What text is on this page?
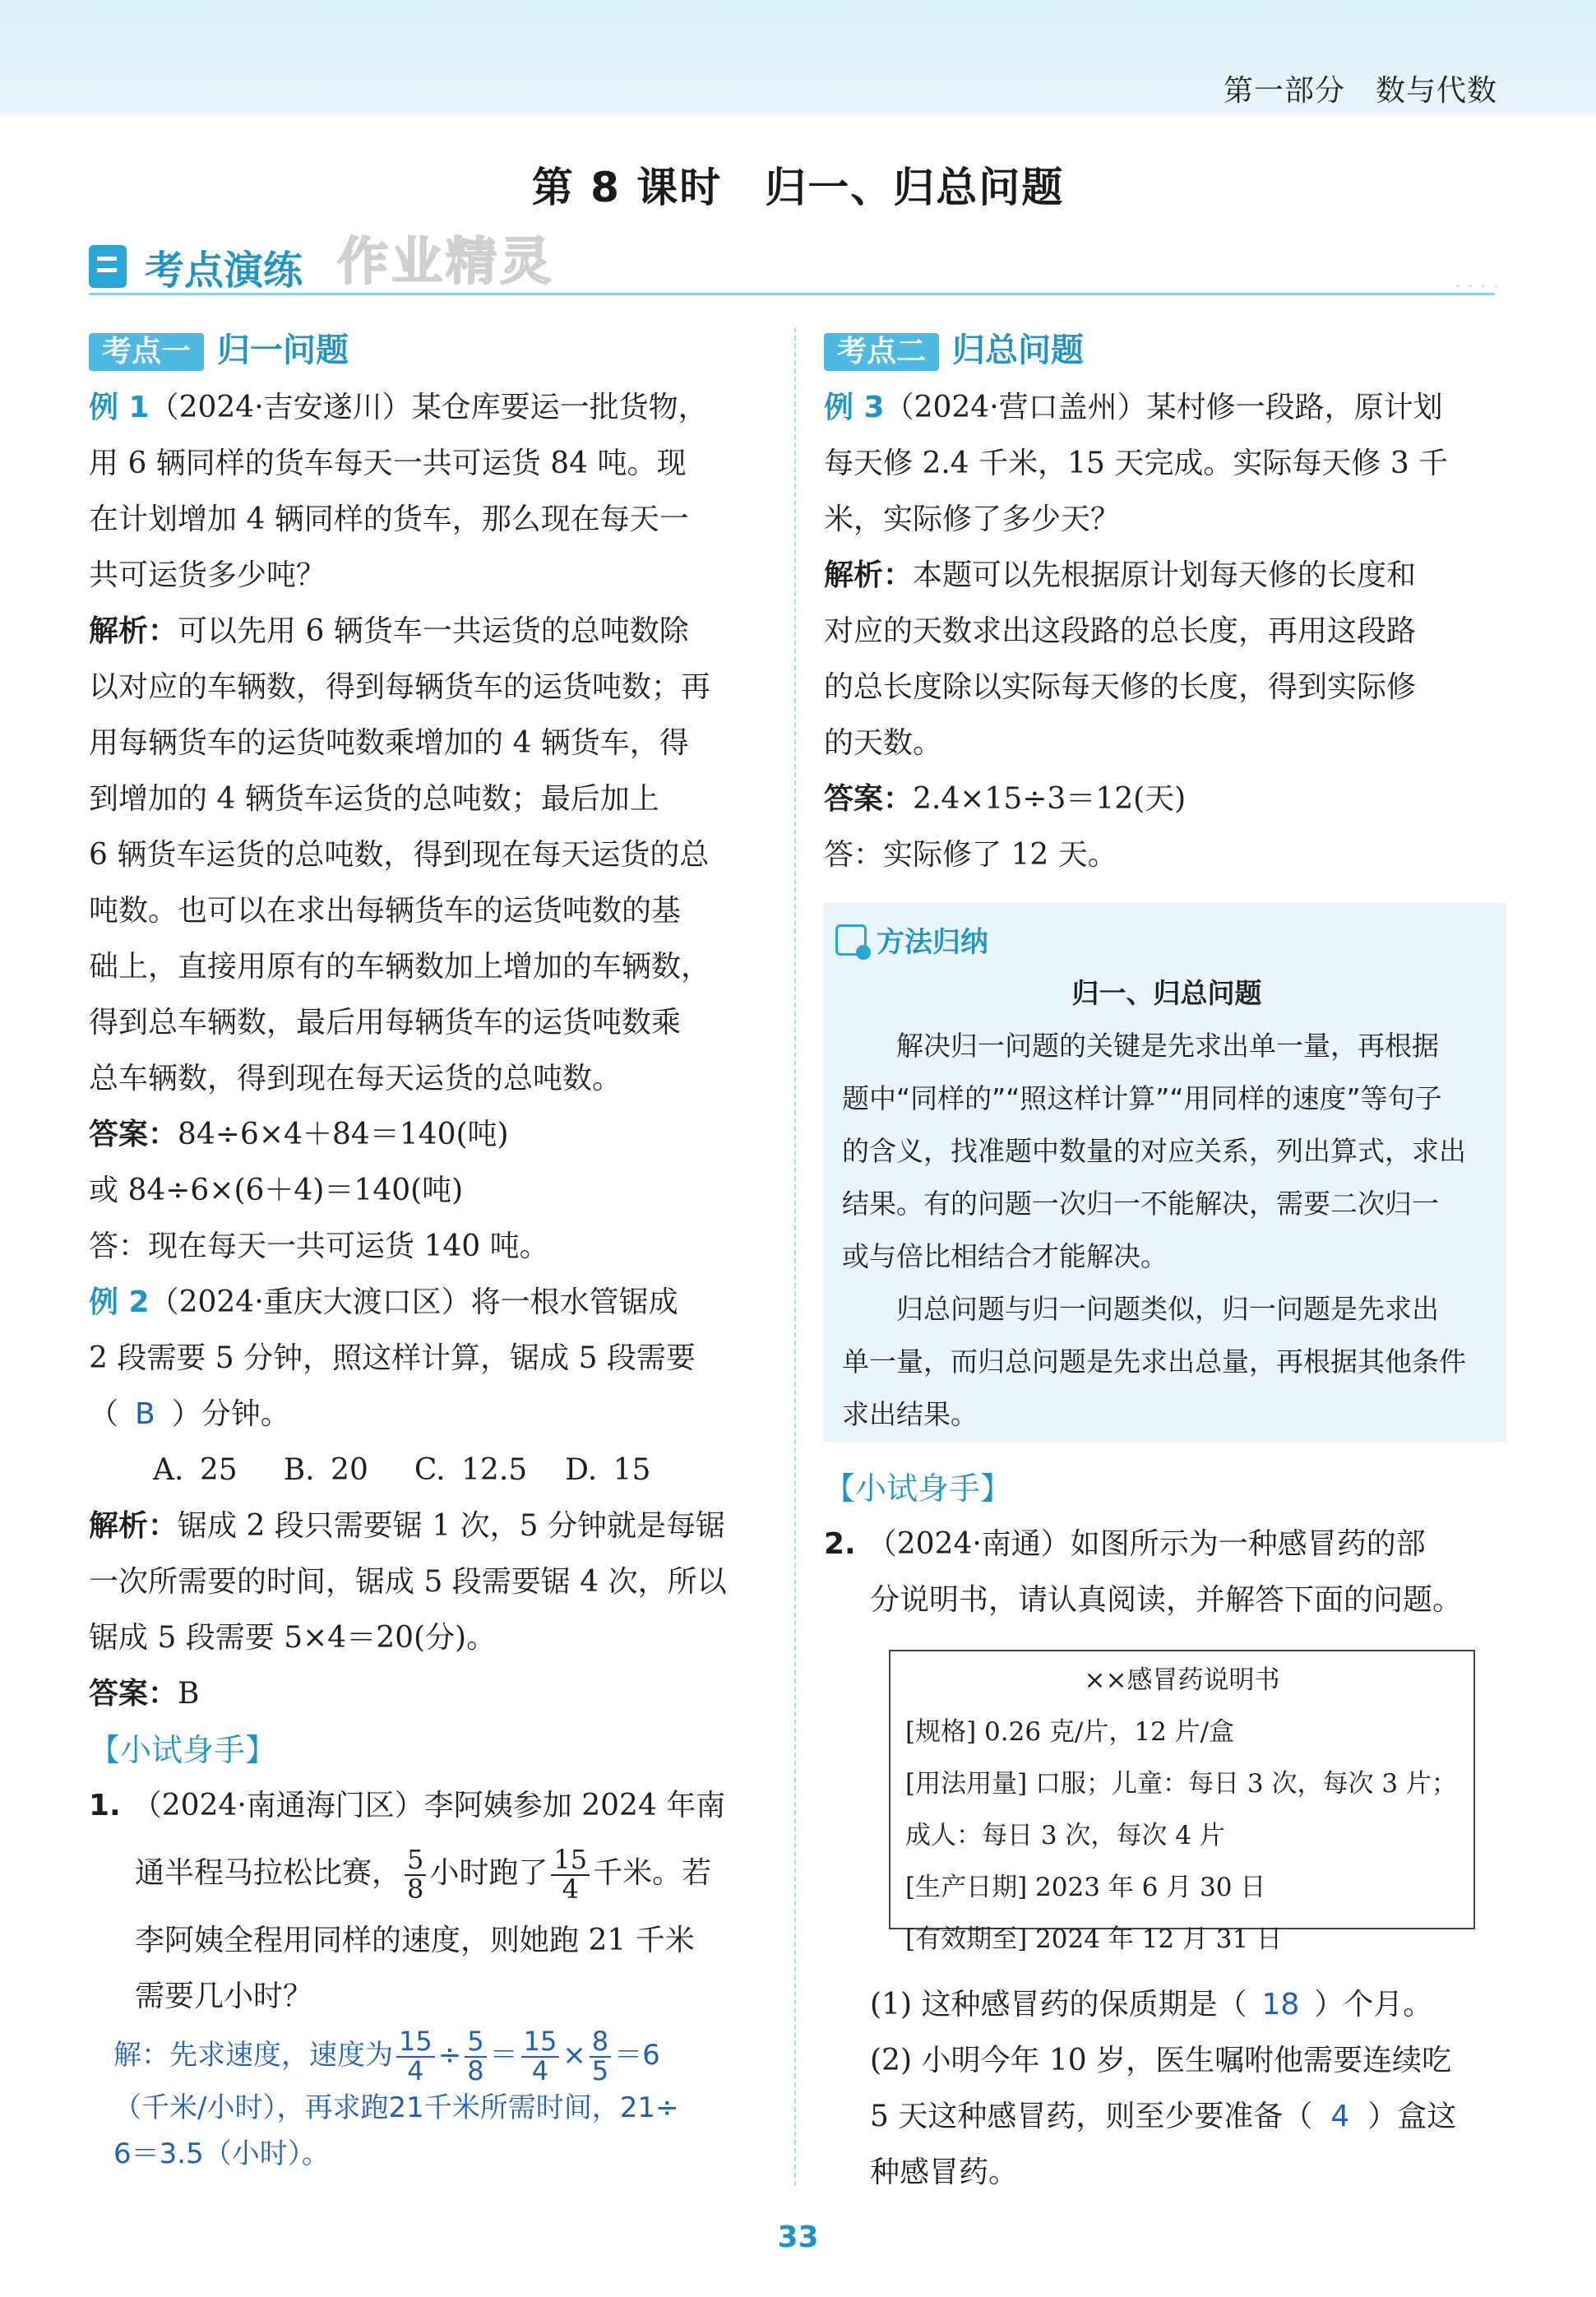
第一部分　数与代数
第 8 课时　归一、归总问题
考点演练 作业精灵	· · · ·
考点一 归一问题

例 1（2024·吉安遂川）某仓库要运一批货物，

用 6 辆同样的货车每天一共可运货 84 吨。现

在计划增加 4 辆同样的货车，那么现在每天一

共可运货多少吨？

解析：可以先用 6 辆货车一共运货的总吨数除

以对应的车辆数，得到每辆货车的运货吨数；再

用每辆货车的运货吨数乘增加的 4 辆货车，得

到增加的 4 辆货车运货的总吨数；最后加上

6 辆货车运货的总吨数，得到现在每天运货的总

吨数。也可以在求出每辆货车的运货吨数的基

础上，直接用原有的车辆数加上增加的车辆数，

得到总车辆数，最后用每辆货车的运货吨数乘

总车辆数，得到现在每天运货的总吨数。

答案：84÷6×4＋84＝140(吨)

或 84÷6×(6＋4)＝140(吨)

答：现在每天一共可运货 140 吨。

例 2（2024·重庆大渡口区）将一根水管锯成

2 段需要 5 分钟，照这样计算，锯成 5 段需要

（ B ）分钟。

A. 25 B. 20 C. 12.5 D. 15

解析：锯成 2 段只需要锯 1 次，5 分钟就是每锯

一次所需要的时间，锯成 5 段需要锯 4 次，所以

锯成 5 段需要 5×4＝20(分)。

答案：B

【小试身手】

1. （2024·南通海门区）李阿姨参加 2024 年南

通半程马拉松比赛， $\frac{5}{8}$ 小时跑了 $\frac{15}{4}$ 千米。若

李阿姨全程用同样的速度，则她跑 21 千米

需要几小时？

解：先求速度，速度为 $\frac{15}{4} \div \frac{5}{8} = \frac{15}{4} \times \frac{8}{5} =6$

（千米/小时），再求跑21千米所需时间，21÷

6＝3.5（小时）。

考点二 归总问题

例 3（2024·营口盖州）某村修一段路，原计划

每天修 2.4 千米，15 天完成。实际每天修 3 千

米，实际修了多少天？

解析：本题可以先根据原计划每天修的长度和

对应的天数求出这段路的总长度，再用这段路

的总长度除以实际每天修的长度，得到实际修

的天数。

答案：2.4×15÷3＝12(天)

答：实际修了 12 天。

方法归纳

归一、归总问题

解决归一问题的关键是先求出单一量，再根据

题中“同样的”“照这样计算”“用同样的速度”等句子

的含义，找准题中数量的对应关系，列出算式，求出

结果。有的问题一次归一不能解决，需要二次归一

或与倍比相结合才能解决。

归总问题与归一问题类似，归一问题是先求出

单一量，而归总问题是先求出总量，再根据其他条件

求出结果。

【小试身手】

2. （2024·南通）如图所示为一种感冒药的部

分说明书，请认真阅读，并解答下面的问题。

××感冒药说明书
[规格] 0.26 克/片，12 片/盒
[用法用量] 口服；儿童：每日 3 次，每次 3 片；
成人：每日 3 次，每次 4 片
[生产日期] 2023 年 6 月 30 日
[有效期至] 2024 年 12 月 31 日

(1) 这种感冒药的保质期是（ 18 ）个月。

(2) 小明今年 10 岁，医生嘱咐他需要连续吃

5 天这种感冒药，则至少要准备（ 4 ）盒这

种感冒药。

33
